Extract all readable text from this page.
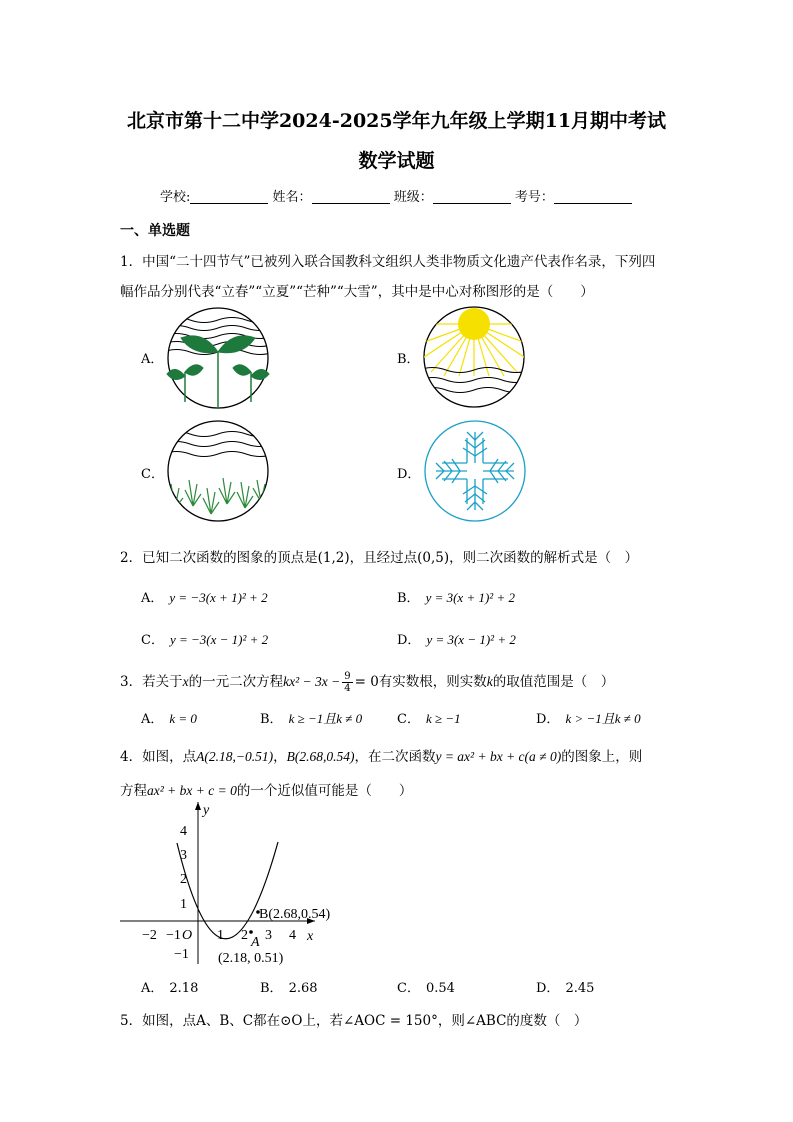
北京市第十二中学2024-2025学年九年级上学期11月期中考试
数学试题
学校:	姓名：	班级：	考号：
一、单选题
1．中国“二十四节气”已被列入联合国教科文组织人类非物质文化遗产代表作名录，下列四
幅作品分别代表“立春”“立夏”“芒种”“大雪”，其中是中心对称图形的是（　　）
A．	B．
C．	D．
2．已知二次函数的图象的顶点是(1,2)，且经过点(0,5)，则二次函数的解析式是（　）
A． y = −3(x + 1)² + 2	B． y = 3(x + 1)² + 2
C． y = −3(x − 1)² + 2	D． y = 3(x − 1)² + 2
3．若关于x的一元二次方程$kx^2 - 3x - \frac{9}{4} = 0$有实数根，则实数k的取值范围是（　）
A． k = 0	B． k ≥ −1且k ≠ 0	C． k ≥ −1	D． k > −1且k ≠ 0
4．如图，点A(2.18,−0.51)，B(2.68,0.54)，在二次函数y = ax² + bx + c(a ≠ 0)的图象上，则
方程ax² + bx + c = 0的一个近似值可能是（　　）
y
x
O
−2 −1	1 2 3 4
4
3
2
1
−1
B(2.68,0.54)
A
(2.18, 0.51)
A． 2.18	B． 2.68	C． 0.54	D． 2.45
5．如图，点A、B、C都在⊙O上，若∠AOC = 150°，则∠ABC的度数（　）
